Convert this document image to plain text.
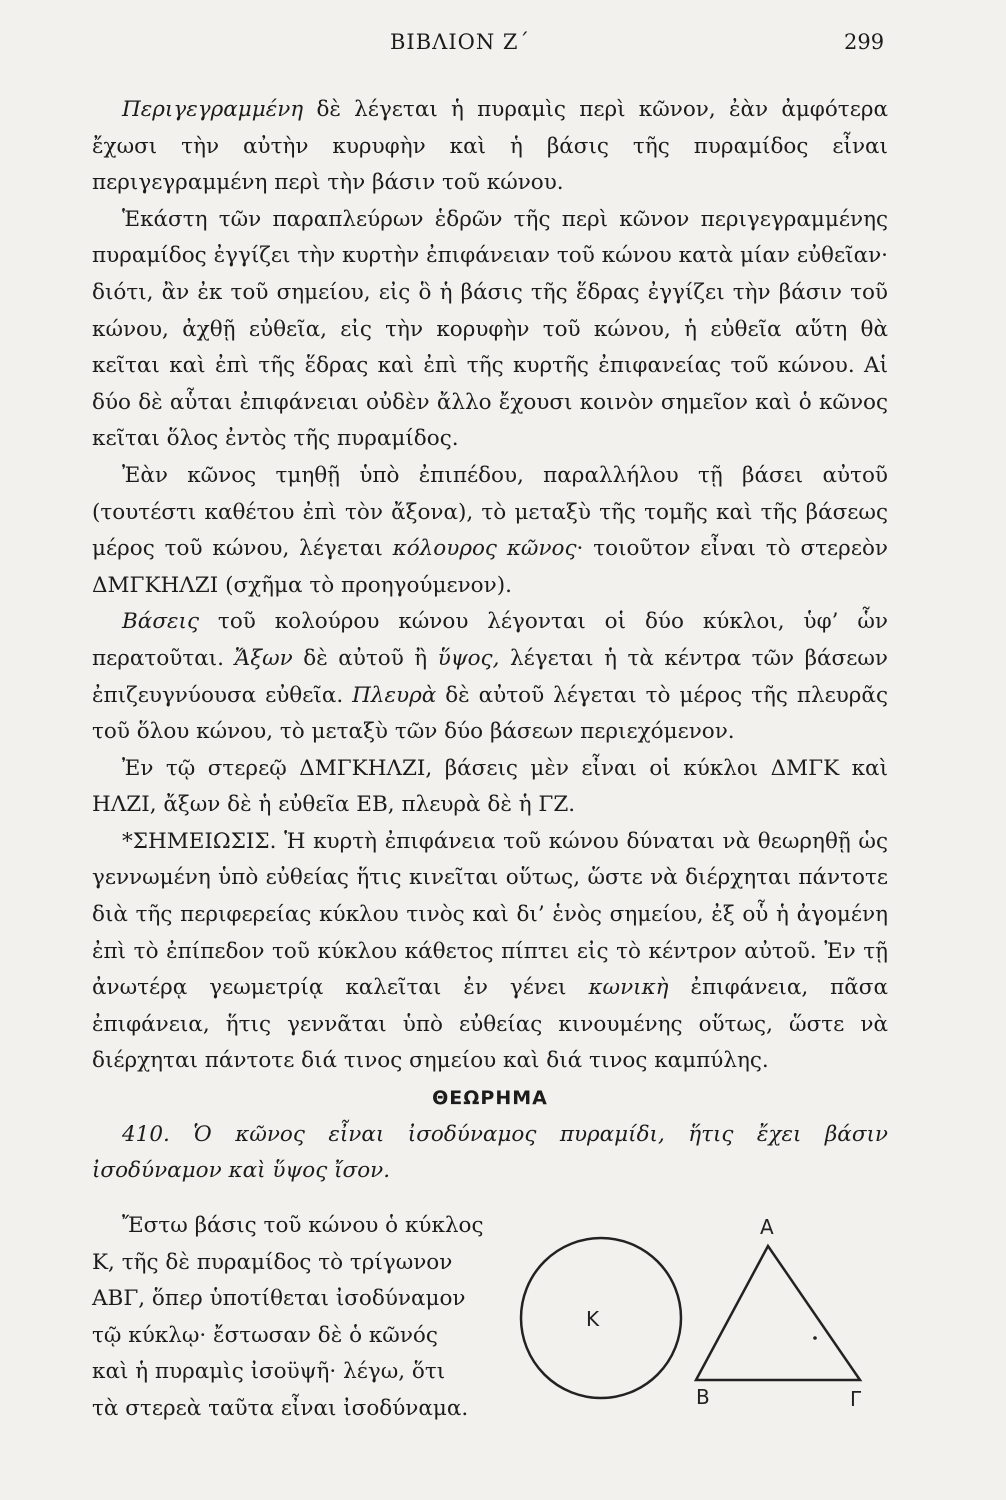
ΒΙΒΛΙΟΝ Ζ΄	299

Περιγεγραμμένη δὲ λέγεται ἡ πυραμὶς περὶ κῶνον, ἐὰν ἀμφότερα ἔχωσι τὴν αὐτὴν κυρυφὴν καὶ ἡ βάσις τῆς πυραμίδος εἶναι περιγεγραμμένη περὶ τὴν βάσιν τοῦ κώνου.

Ἑκάστη τῶν παραπλεύρων ἑδρῶν τῆς περὶ κῶνον περιγεγραμμένης πυραμίδος ἐγγίζει τὴν κυρτὴν ἐπιφάνειαν τοῦ κώνου κατὰ μίαν εὐθεῖαν· διότι, ἂν ἐκ τοῦ σημείου, εἰς ὃ ἡ βάσις τῆς ἕδρας ἐγγίζει τὴν βάσιν τοῦ κώνου, ἀχθῇ εὐθεῖα, εἰς τὴν κορυφὴν τοῦ κώνου, ἡ εὐθεῖα αὕτη θὰ κεῖται καὶ ἐπὶ τῆς ἕδρας καὶ ἐπὶ τῆς κυρτῆς ἐπιφανείας τοῦ κώνου. Αἱ δύο δὲ αὗται ἐπιφάνειαι οὐδὲν ἄλλο ἔχουσι κοινὸν σημεῖον καὶ ὁ κῶνος κεῖται ὅλος ἐντὸς τῆς πυραμίδος.

Ἐὰν κῶνος τμηθῇ ὑπὸ ἐπιπέδου, παραλλήλου τῇ βάσει αὐτοῦ (τουτέστι καθέτου ἐπὶ τὸν ἄξονα), τὸ μεταξὺ τῆς τομῆς καὶ τῆς βάσεως μέρος τοῦ κώνου, λέγεται κόλουρος κῶνος· τοιοῦτον εἶναι τὸ στερεὸν ΔΜΓΚΗΛΖΙ (σχῆμα τὸ προηγούμενον).

Βάσεις τοῦ κολούρου κώνου λέγονται οἱ δύο κύκλοι, ὑφ’ ὧν περατοῦται. Ἄξων δὲ αὐτοῦ ἢ ὕψος, λέγεται ἡ τὰ κέντρα τῶν βάσεων ἐπιζευγνύουσα εὐθεῖα. Πλευρὰ δὲ αὐτοῦ λέγεται τὸ μέρος τῆς πλευρᾶς τοῦ ὅλου κώνου, τὸ μεταξὺ τῶν δύο βάσεων περιεχόμενον.

Ἐν τῷ στερεῷ ΔΜΓΚΗΛΖΙ, βάσεις μὲν εἶναι οἱ κύκλοι ΔΜΓΚ καὶ ΗΛΖΙ, ἄξων δὲ ἡ εὐθεῖα ΕΒ, πλευρὰ δὲ ἡ ΓΖ.

*ΣΗΜΕΙΩΣΙΣ. Ἡ κυρτὴ ἐπιφάνεια τοῦ κώνου δύναται νὰ θεωρηθῇ ὡς γεννωμένη ὑπὸ εὐθείας ἥτις κινεῖται οὕτως, ὥστε νὰ διέρχηται πάντοτε διὰ τῆς περιφερείας κύκλου τινὸς καὶ δι’ ἑνὸς σημείου, ἐξ οὗ ἡ ἀγομένη ἐπὶ τὸ ἐπίπεδον τοῦ κύκλου κάθετος πίπτει εἰς τὸ κέντρον αὐτοῦ. Ἐν τῇ ἀνωτέρᾳ γεωμετρίᾳ καλεῖται ἐν γένει κωνικὴ ἐπιφάνεια, πᾶσα ἐπιφάνεια, ἥτις γεννᾶται ὑπὸ εὐθείας κινουμένης οὕτως, ὥστε νὰ διέρχηται πάντοτε διά τινος σημείου καὶ διά τινος καμπύλης.

ΘΕΩΡΗΜΑ

410. Ὁ κῶνος εἶναι ἰσοδύναμος πυραμίδι, ἥτις ἔχει βάσιν ἰσοδύναμον καὶ ὕψος ἴσον.

Ἔστω βάσις τοῦ κώνου ὁ κύκλος

Κ, τῆς δὲ πυραμίδος τὸ τρίγωνον

ΑΒΓ, ὅπερ ὑποτίθεται ἰσοδύναμον

τῷ κύκλῳ· ἔστωσαν δὲ ὁ κῶνός

καὶ ἡ πυραμὶς ἰσοϋψῆ· λέγω, ὅτι

τὰ στερεὰ ταῦτα εἶναι ἰσοδύναμα.

Κ
Α
Β	Γ
